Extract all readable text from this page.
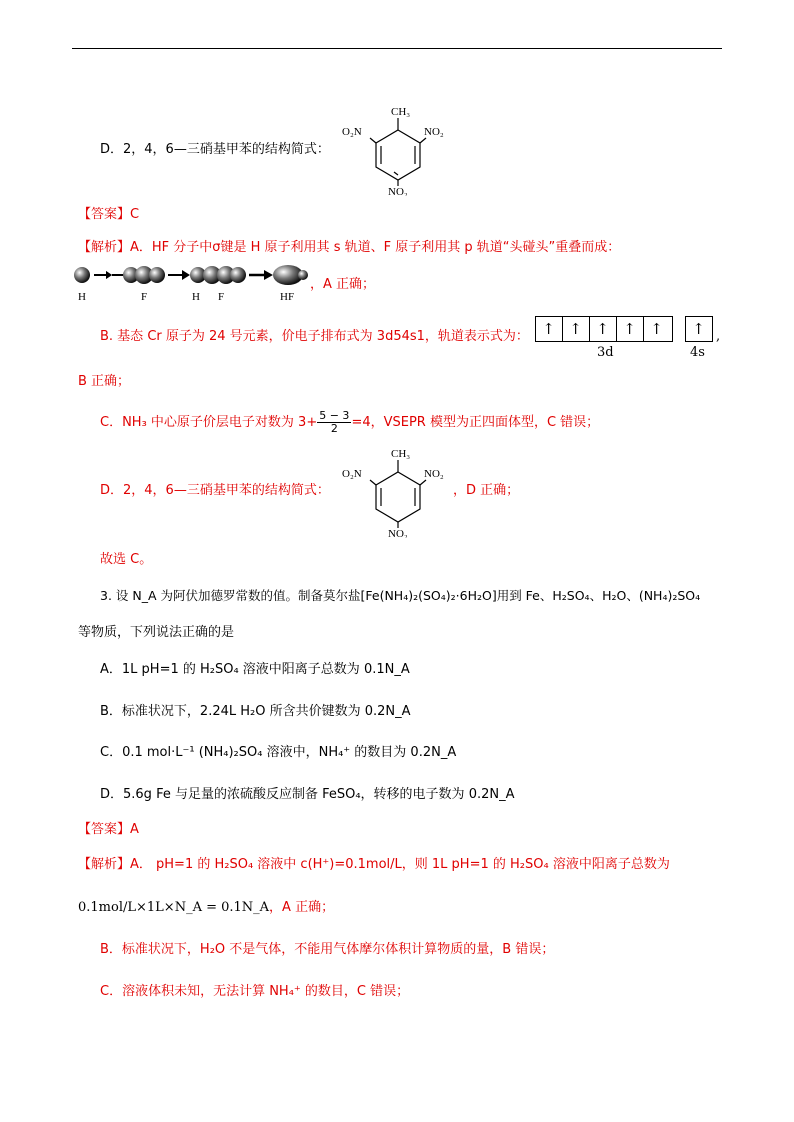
D．2，4，6—三硝基甲苯的结构简式：
CH₃
O₂N	NO₂
NO₂
【答案】C
【解析】A．HF 分子中σ键是 H 原子利用其 s 轨道、F 原子利用其 p 轨道“头碰头”重叠而成：
H	F	H F	HF
，A 正确；
B. 基态 Cr 原子为 24 号元素，价电子排布式为 3d54s1，轨道表示式为： ↑ ↑ ↑ ↑ ↑	↑
3d	4s
,
B 正确；
C．NH₃ 中心原子价层电子对数为 $3+ \frac{5 - 3}{2} =4$，VSEPR 模型为正四面体型，C 错误；
D．2，4，6—三硝基甲苯的结构简式：
CH₃
O₂N	NO₂
NO₂
，D 正确；
故选 C。
3. 设 N_A 为阿伏加德罗常数的值。制备莫尔盐[Fe(NH₄)₂(SO₄)₂·6H₂O]用到 Fe、H₂SO₄、H₂O、(NH₄)₂SO₄
等物质，下列说法正确的是
A．1L pH=1 的 H₂SO₄ 溶液中阳离子总数为 0.1N_A
B．标准状况下，2.24L H₂O 所含共价键数为 0.2N_A
C．0.1 mol·L⁻¹ (NH₄)₂SO₄ 溶液中，NH₄⁺ 的数目为 0.2N_A
D．5.6g Fe 与足量的浓硫酸反应制备 FeSO₄，转移的电子数为 0.2N_A
【答案】A
【解析】A． pH=1 的 H₂SO₄ 溶液中 c(H⁺)=0.1mol/L，则 1L pH=1 的 H₂SO₄ 溶液中阳离子总数为
0.1mol/L×1L×N_A = 0.1N_A，A 正确；
B．标准状况下，H₂O 不是气体，不能用气体摩尔体积计算物质的量，B 错误；
C．溶液体积未知，无法计算 NH₄⁺ 的数目，C 错误；
